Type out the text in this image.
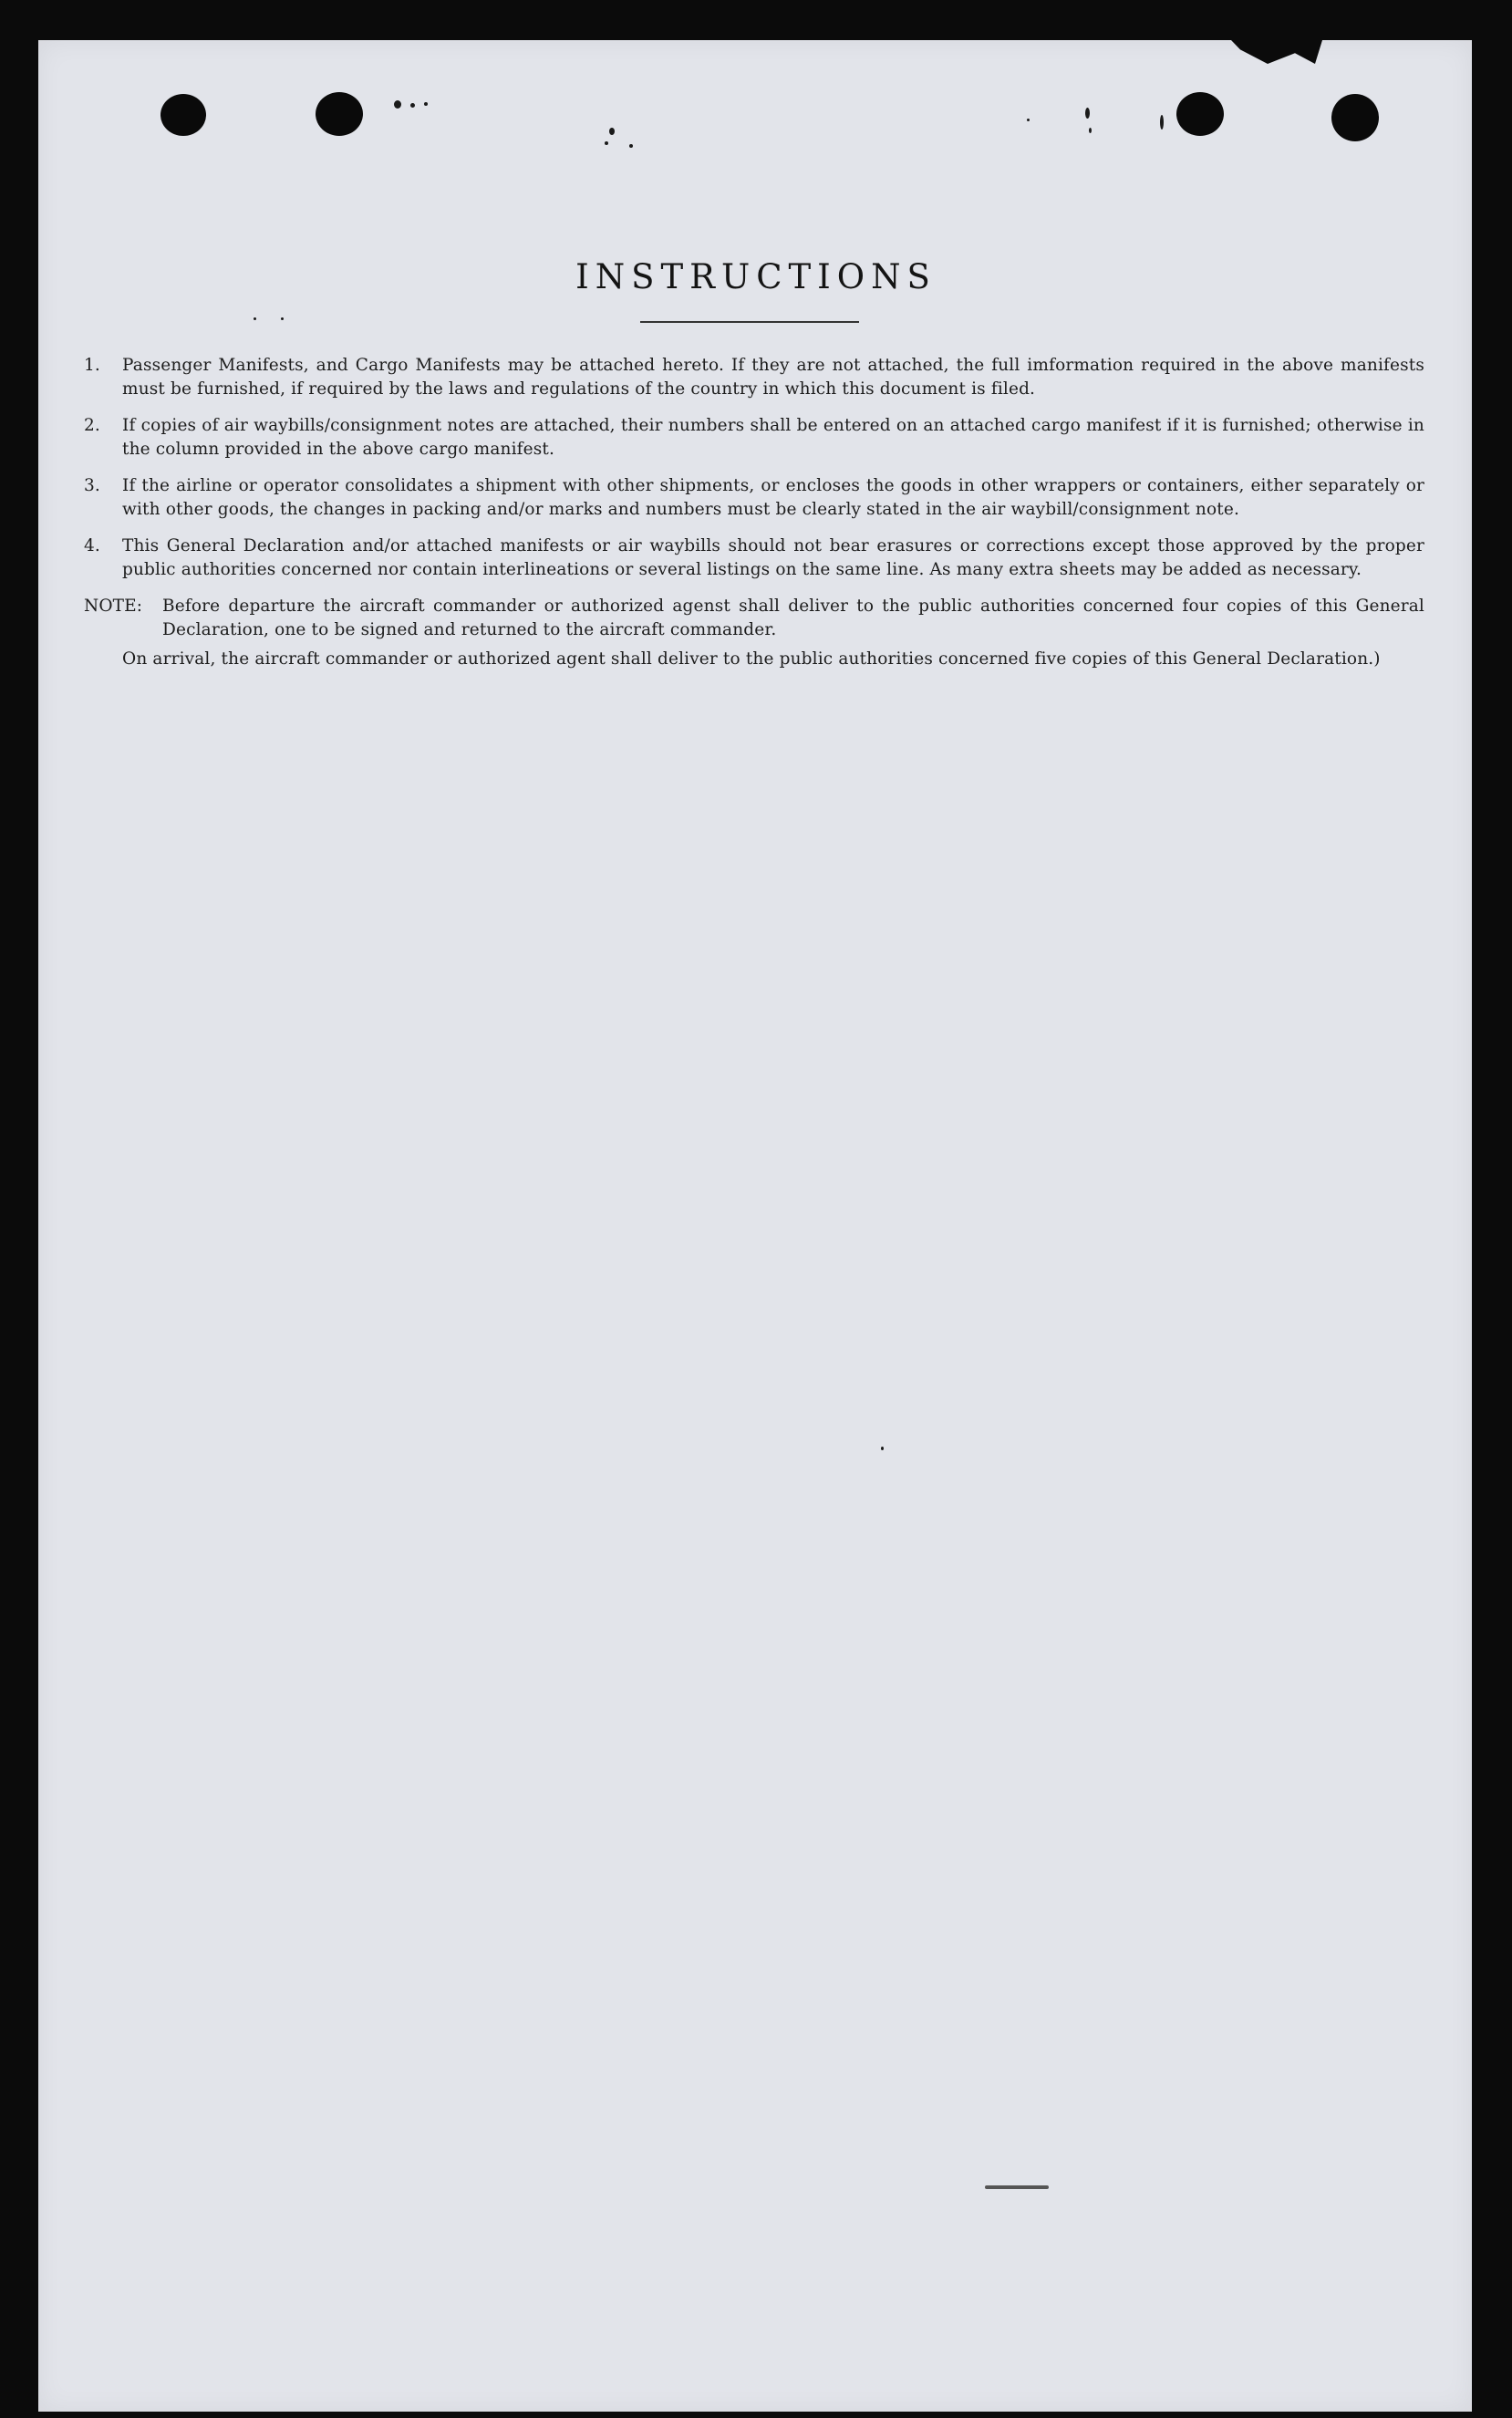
INSTRUCTIONS
1.	Passenger Manifests, and Cargo Manifests may be attached hereto. If they are not attached, the full imformation required in the above manifests must be furnished, if required by the laws and regulations of the country in which this document is filed.
2.	If copies of air waybills/consignment notes are attached, their numbers shall be entered on an attached cargo manifest if it is furnished; otherwise in the column provided in the above cargo manifest.
3.	If the airline or operator consolidates a shipment with other shipments, or encloses the goods in other wrappers or containers, either separately or with other goods, the changes in packing and/or marks and numbers must be clearly stated in the air waybill/consignment note.
4.	This General Declaration and/or attached manifests or air waybills should not bear erasures or corrections except those approved by the proper public authorities concerned nor contain interlineations or several listings on the same line. As many extra sheets may be added as necessary.
NOTE:	Before departure the aircraft commander or authorized agenst shall deliver to the public authorities concerned four copies of this General Declaration, one to be signed and returned to the aircraft commander.
On arrival, the aircraft commander or authorized agent shall deliver to the public authorities concerned five copies of this General Declaration.)
